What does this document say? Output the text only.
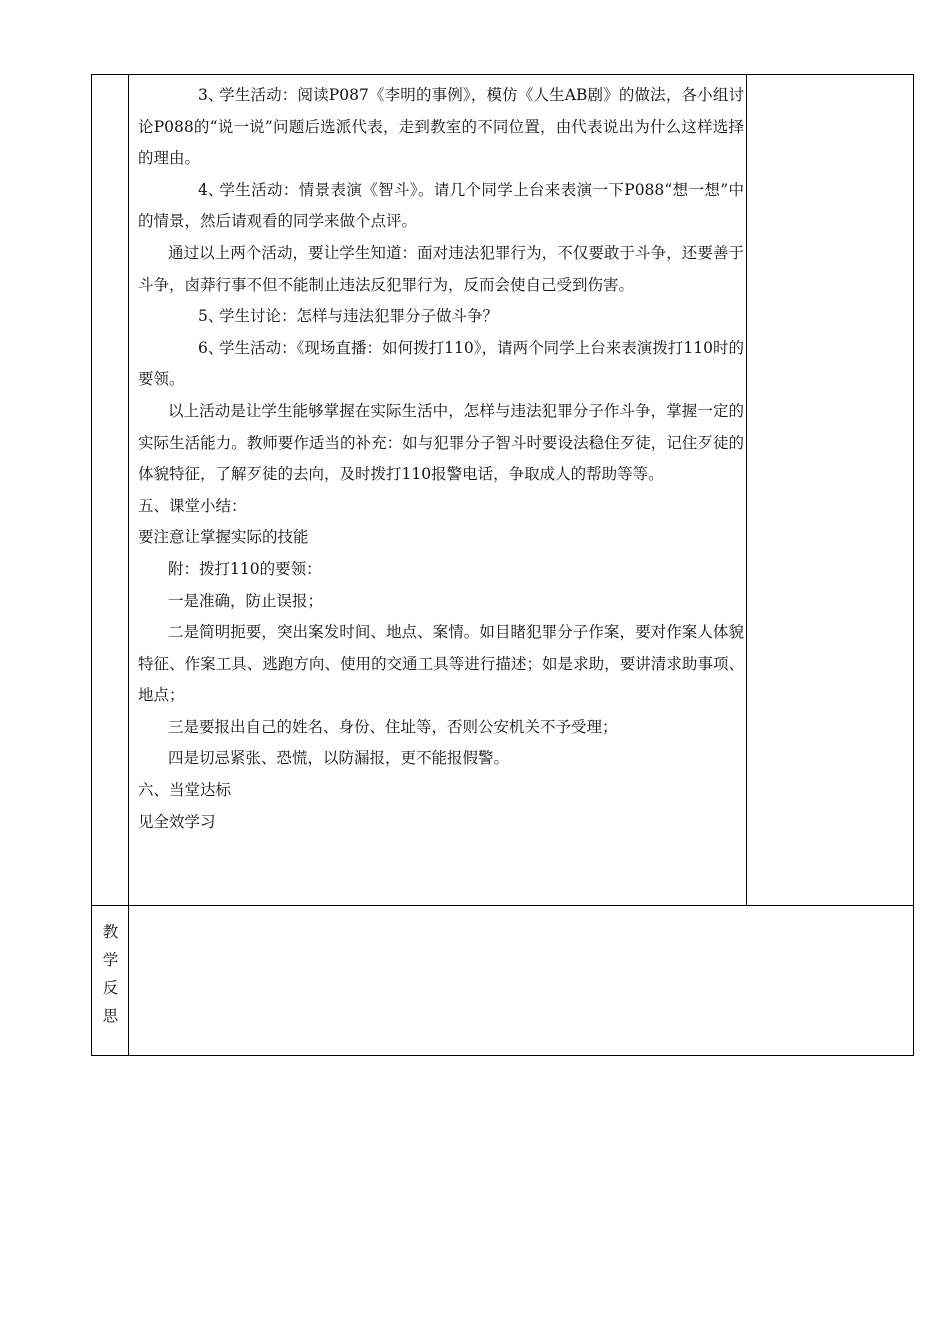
3、学生活动：阅读P087《李明的事例》，模仿《人生AB剧》的做法，各小组讨论P088的“说一说”问题后选派代表，走到教室的不同位置，由代表说出为什么这样选择的理由。

4、学生活动：情景表演《智斗》。请几个同学上台来表演一下P088“想一想”中的情景，然后请观看的同学来做个点评。

通过以上两个活动，要让学生知道：面对违法犯罪行为，不仅要敢于斗争，还要善于斗争，卤莽行事不但不能制止违法反犯罪行为，反而会使自己受到伤害。

5、学生讨论：怎样与违法犯罪分子做斗争？

6、学生活动：《现场直播：如何拨打110》，请两个同学上台来表演拨打110时的要领。

以上活动是让学生能够掌握在实际生活中，怎样与违法犯罪分子作斗争，掌握一定的实际生活能力。教师要作适当的补充：如与犯罪分子智斗时要设法稳住歹徒，记住歹徒的体貌特征，了解歹徒的去向，及时拨打110报警电话，争取成人的帮助等等。

五、课堂小结：

要注意让掌握实际的技能

附：拨打110的要领：

一是准确，防止误报；

二是简明扼要，突出案发时间、地点、案情。如目睹犯罪分子作案，要对作案人体貌特征、作案工具、逃跑方向、使用的交通工具等进行描述；如是求助，要讲清求助事项、地点；

三是要报出自己的姓名、身份、住址等，否则公安机关不予受理；

四是切忌紧张、恐慌，以防漏报，更不能报假警。

六、当堂达标

见全效学习

教
学
反
思
